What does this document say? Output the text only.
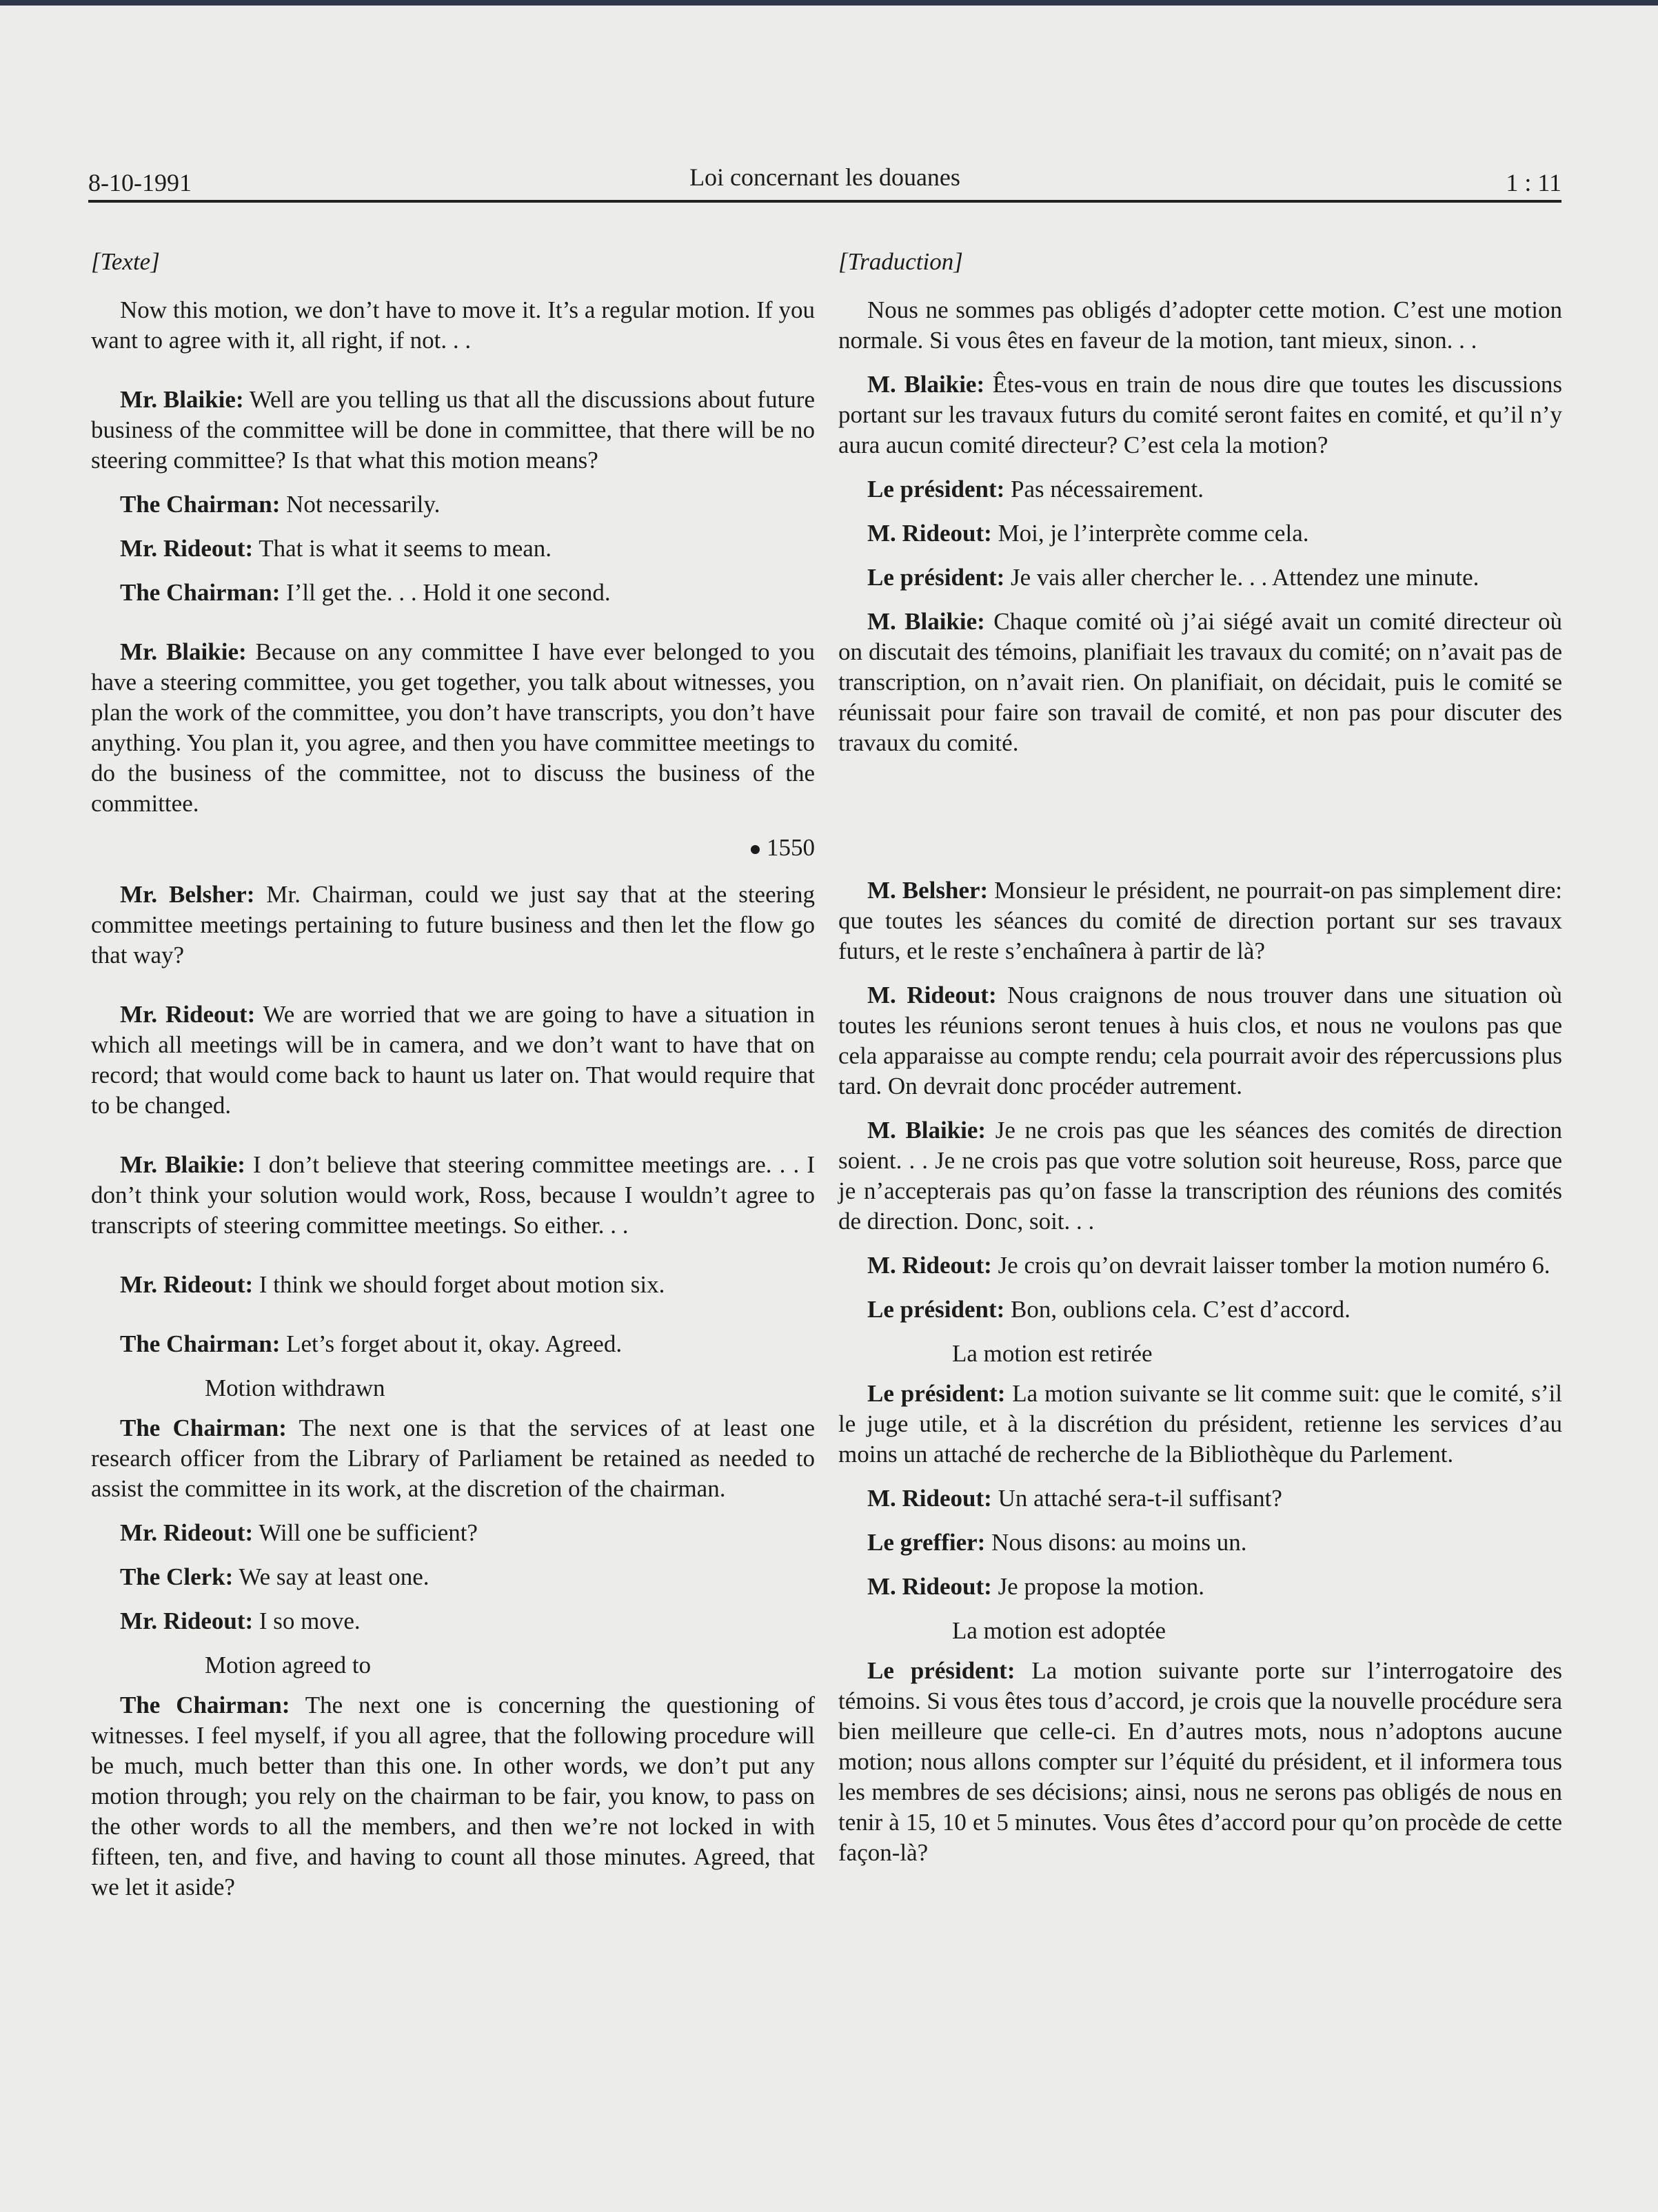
8-10-1991	Loi concernant les douanes	1 : 11
[Texte]

Now this motion, we don’t have to move it. It’s a regular motion. If you want to agree with it, all right, if not. . .

Mr. Blaikie: Well are you telling us that all the discussions about future business of the committee will be done in committee, that there will be no steering committee? Is that what this motion means?

The Chairman: Not necessarily.

Mr. Rideout: That is what it seems to mean.

The Chairman: I’ll get the. . . Hold it one second.

Mr. Blaikie: Because on any committee I have ever belonged to you have a steering committee, you get together, you talk about witnesses, you plan the work of the committee, you don’t have transcripts, you don’t have anything. You plan it, you agree, and then you have committee meetings to do the business of the committee, not to discuss the business of the committee.

1550

Mr. Belsher: Mr. Chairman, could we just say that at the steering committee meetings pertaining to future business and then let the flow go that way?

Mr. Rideout: We are worried that we are going to have a situation in which all meetings will be in camera, and we don’t want to have that on record; that would come back to haunt us later on. That would require that to be changed.

Mr. Blaikie: I don’t believe that steering committee meetings are. . . I don’t think your solution would work, Ross, because I wouldn’t agree to transcripts of steering committee meetings. So either. . .

Mr. Rideout: I think we should forget about motion six.

The Chairman: Let’s forget about it, okay. Agreed.

Motion withdrawn

The Chairman: The next one is that the services of at least one research officer from the Library of Parliament be retained as needed to assist the committee in its work, at the discretion of the chairman.

Mr. Rideout: Will one be sufficient?

The Clerk: We say at least one.

Mr. Rideout: I so move.

Motion agreed to

The Chairman: The next one is concerning the questioning of witnesses. I feel myself, if you all agree, that the following procedure will be much, much better than this one. In other words, we don’t put any motion through; you rely on the chairman to be fair, you know, to pass on the other words to all the members, and then we’re not locked in with fifteen, ten, and five, and having to count all those minutes. Agreed, that we let it aside?

[Traduction]

Nous ne sommes pas obligés d’adopter cette motion. C’est une motion normale. Si vous êtes en faveur de la motion, tant mieux, sinon. . .

M. Blaikie: Êtes-vous en train de nous dire que toutes les discussions portant sur les travaux futurs du comité seront faites en comité, et qu’il n’y aura aucun comité directeur? C’est cela la motion?

Le président: Pas nécessairement.

M. Rideout: Moi, je l’interprète comme cela.

Le président: Je vais aller chercher le. . . Attendez une minute.

M. Blaikie: Chaque comité où j’ai siégé avait un comité directeur où on discutait des témoins, planifiait les travaux du comité; on n’avait pas de transcription, on n’avait rien. On planifiait, on décidait, puis le comité se réunissait pour faire son travail de comité, et non pas pour discuter des travaux du comité.

M. Belsher: Monsieur le président, ne pourrait-on pas simplement dire: que toutes les séances du comité de direction portant sur ses travaux futurs, et le reste s’enchaînera à partir de là?

M. Rideout: Nous craignons de nous trouver dans une situation où toutes les réunions seront tenues à huis clos, et nous ne voulons pas que cela apparaisse au compte rendu; cela pourrait avoir des répercussions plus tard. On devrait donc procéder autrement.

M. Blaikie: Je ne crois pas que les séances des comités de direction soient. . . Je ne crois pas que votre solution soit heureuse, Ross, parce que je n’accepterais pas qu’on fasse la transcription des réunions des comités de direction. Donc, soit. . .

M. Rideout: Je crois qu’on devrait laisser tomber la motion numéro 6.

Le président: Bon, oublions cela. C’est d’accord.

La motion est retirée

Le président: La motion suivante se lit comme suit: que le comité, s’il le juge utile, et à la discrétion du président, retienne les services d’au moins un attaché de recherche de la Bibliothèque du Parlement.

M. Rideout: Un attaché sera-t-il suffisant?

Le greffier: Nous disons: au moins un.

M. Rideout: Je propose la motion.

La motion est adoptée

Le président: La motion suivante porte sur l’interrogatoire des témoins. Si vous êtes tous d’accord, je crois que la nouvelle procédure sera bien meilleure que celle-ci. En d’autres mots, nous n’adoptons aucune motion; nous allons compter sur l’équité du président, et il informera tous les membres de ses décisions; ainsi, nous ne serons pas obligés de nous en tenir à 15, 10 et 5 minutes. Vous êtes d’accord pour qu’on procède de cette façon-là?
